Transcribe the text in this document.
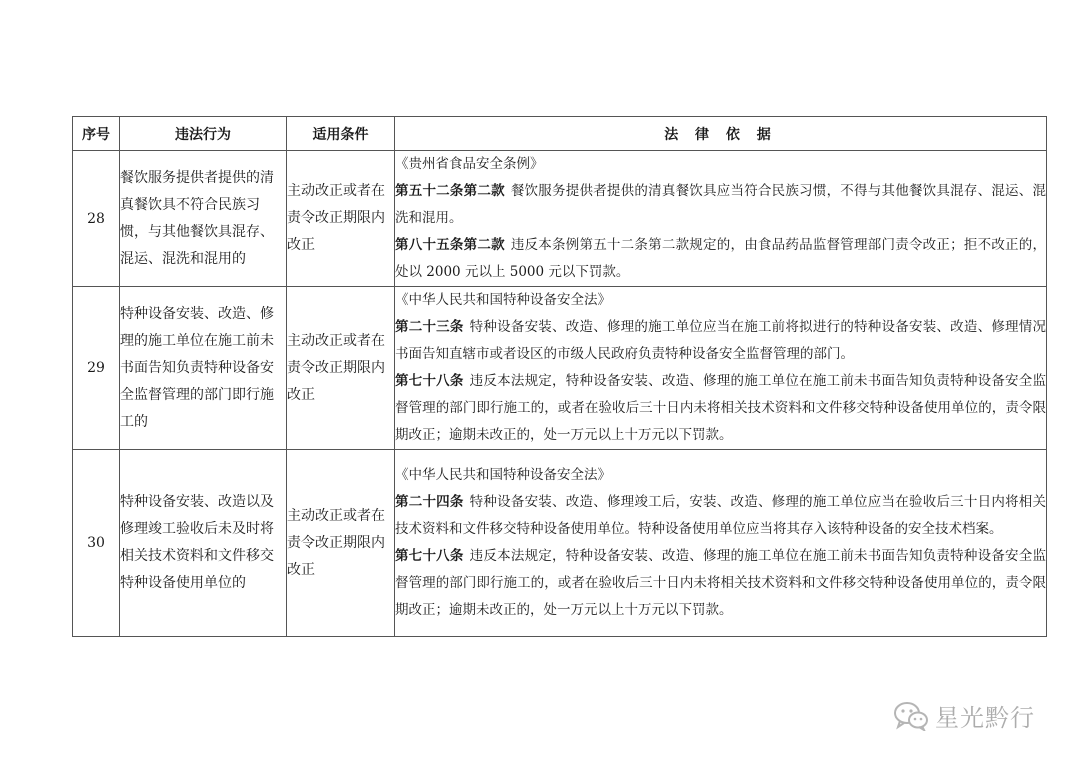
序号	违法行为	适用条件	法 律 依 据
28	餐饮服务提供者提供的清真餐饮具不符合民族习惯，与其他餐饮具混存、混运、混洗和混用的	主动改正或者在责令改正期限内改正	《贵州省食品安全条例》
第五十二条第二款 餐饮服务提供者提供的清真餐饮具应当符合民族习惯，不得与其他餐饮具混存、混运、混洗和混用。
第八十五条第二款 违反本条例第五十二条第二款规定的，由食品药品监督管理部门责令改正；拒不改正的，处以 2000 元以上 5000 元以下罚款。

29	特种设备安装、改造、修理的施工单位在施工前未书面告知负责特种设备安全监督管理的部门即行施工的	主动改正或者在责令改正期限内改正	《中华人民共和国特种设备安全法》
第二十三条 特种设备安装、改造、修理的施工单位应当在施工前将拟进行的特种设备安装、改造、修理情况书面告知直辖市或者设区的市级人民政府负责特种设备安全监督管理的部门。
第七十八条 违反本法规定，特种设备安装、改造、修理的施工单位在施工前未书面告知负责特种设备安全监督管理的部门即行施工的，或者在验收后三十日内未将相关技术资料和文件移交特种设备使用单位的，责令限期改正；逾期未改正的，处一万元以上十万元以下罚款。

30	特种设备安装、改造以及修理竣工验收后未及时将相关技术资料和文件移交特种设备使用单位的	主动改正或者在责令改正期限内改正	《中华人民共和国特种设备安全法》
第二十四条 特种设备安装、改造、修理竣工后，安装、改造、修理的施工单位应当在验收后三十日内将相关技术资料和文件移交特种设备使用单位。特种设备使用单位应当将其存入该特种设备的安全技术档案。
第七十八条 违反本法规定，特种设备安装、改造、修理的施工单位在施工前未书面告知负责特种设备安全监督管理的部门即行施工的，或者在验收后三十日内未将相关技术资料和文件移交特种设备使用单位的，责令限期改正；逾期未改正的，处一万元以上十万元以下罚款。
星光黔行
